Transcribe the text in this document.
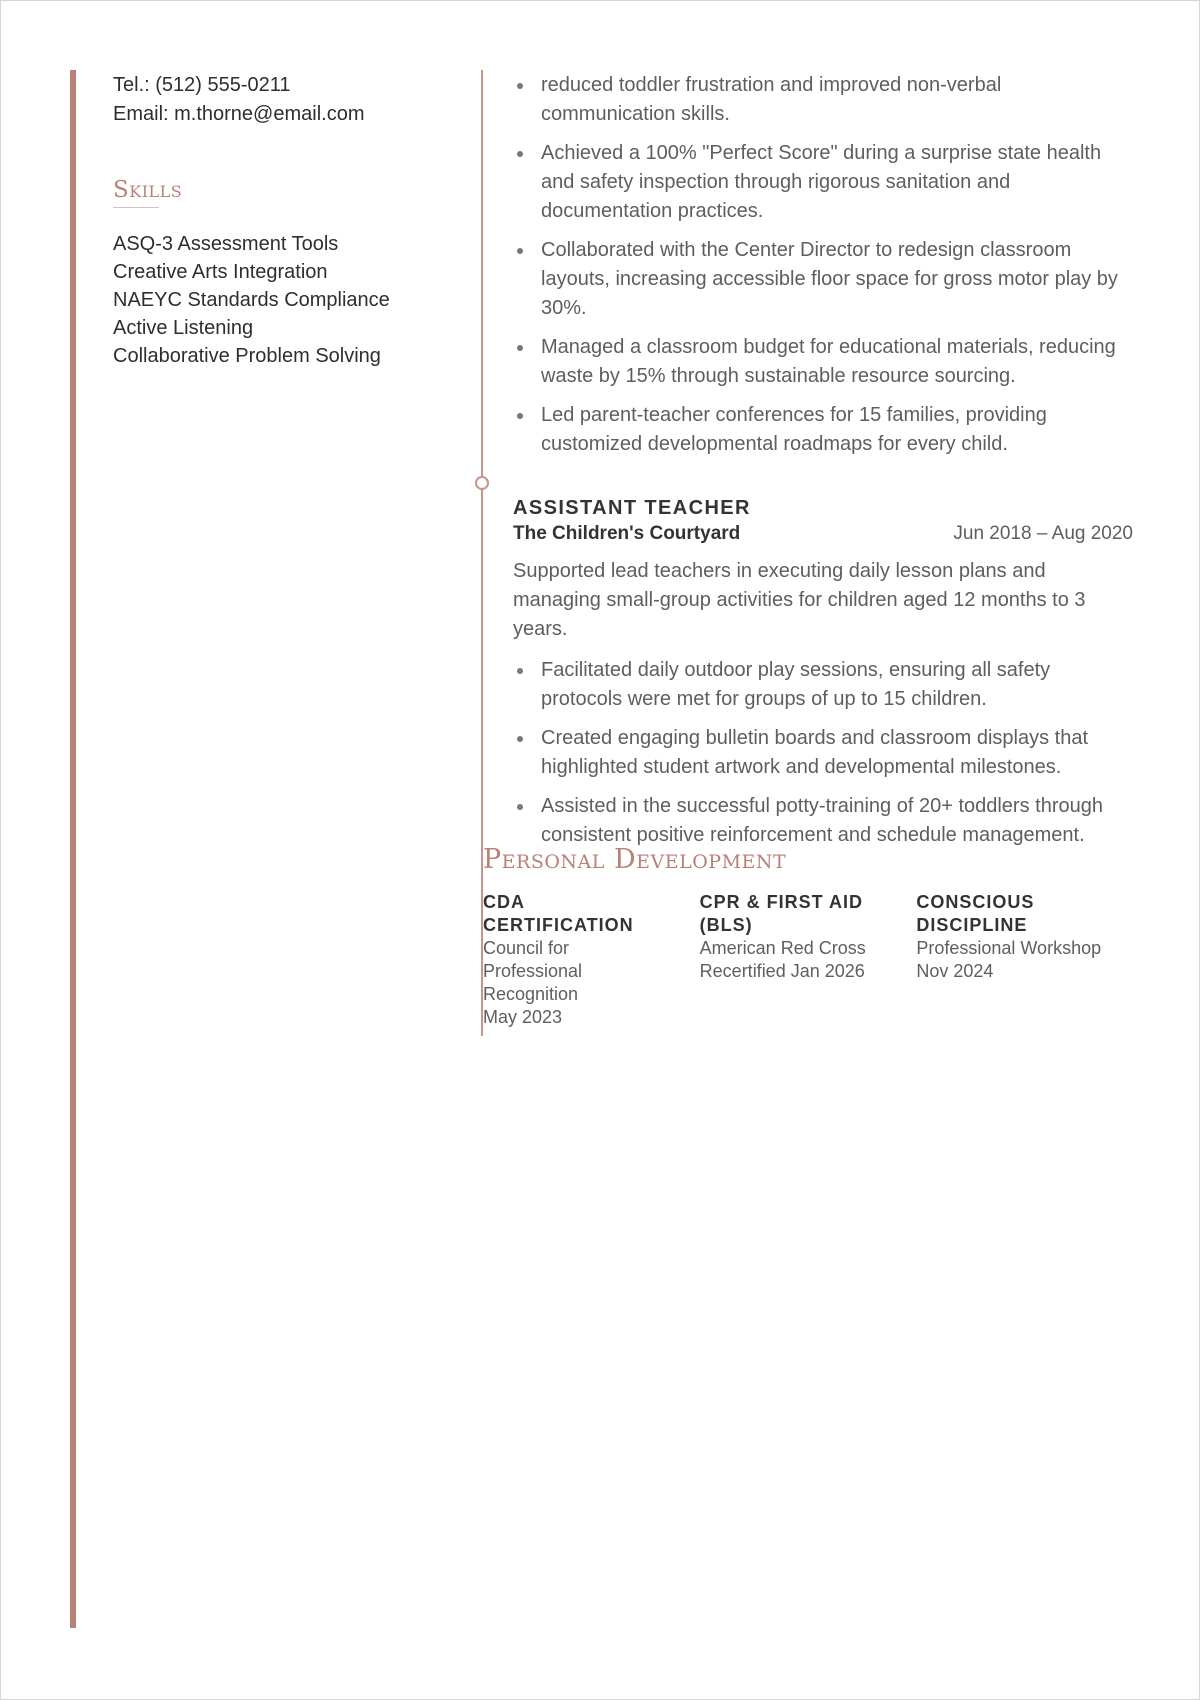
Tel.: (512) 555-0211
Email: m.thorne@email.com
Skills
ASQ-3 Assessment Tools
Creative Arts Integration
NAEYC Standards Compliance
Active Listening
Collaborative Problem Solving
reduced toddler frustration and improved non-verbal communication skills.
Achieved a 100% "Perfect Score" during a surprise state health and safety inspection through rigorous sanitation and documentation practices.
Collaborated with the Center Director to redesign classroom layouts, increasing accessible floor space for gross motor play by 30%.
Managed a classroom budget for educational materials, reducing waste by 15% through sustainable resource sourcing.
Led parent-teacher conferences for 15 families, providing customized developmental roadmaps for every child.
ASSISTANT TEACHER
The Children's Courtyard	Jun 2018 – Aug 2020
Supported lead teachers in executing daily lesson plans and managing small-group activities for children aged 12 months to 3 years.
Facilitated daily outdoor play sessions, ensuring all safety protocols were met for groups of up to 15 children.
Created engaging bulletin boards and classroom displays that highlighted student artwork and developmental milestones.
Assisted in the successful potty-training of 20+ toddlers through consistent positive reinforcement and schedule management.
Personal Development
CDA CERTIFICATION
Council for Professional Recognition
May 2023
CPR & FIRST AID (BLS)
American Red Cross
Recertified Jan 2026
CONSCIOUS DISCIPLINE
Professional Workshop
Nov 2024
